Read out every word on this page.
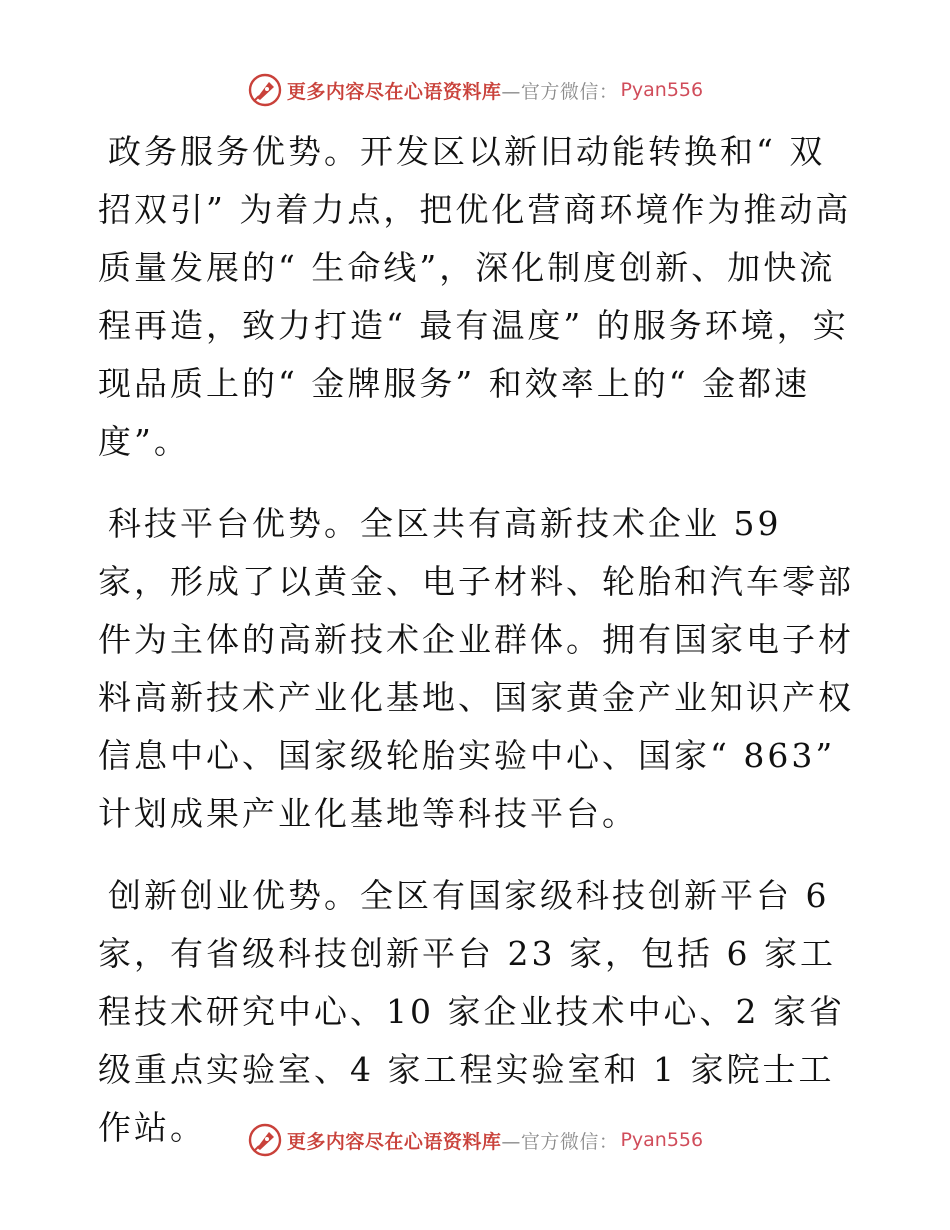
更多内容尽在心语资料库 —官方微信： Pyan556

政务服务优势。开发区以新旧动能转换和“ 双招双引” 为着力点，把优化营商环境作为推动高质量发展的“ 生命线”，深化制度创新、加快流程再造，致力打造“ 最有温度” 的服务环境，实现品质上的“ 金牌服务” 和效率上的“ 金都速度”。

科技平台优势。全区共有高新技术企业 59 家，形成了以黄金、电子材料、轮胎和汽车零部件为主体的高新技术企业群体。拥有国家电子材料高新技术产业化基地、国家黄金产业知识产权信息中心、国家级轮胎实验中心、国家“ 863” 计划成果产业化基地等科技平台。

创新创业优势。全区有国家级科技创新平台 6 家，有省级科技创新平台 23 家，包括 6 家工程技术研究中心、10 家企业技术中心、2 家省级重点实验室、4 家工程实验室和 1 家院士工作站。	更多内容尽在心语资料库 —官方微信： Pyan556
